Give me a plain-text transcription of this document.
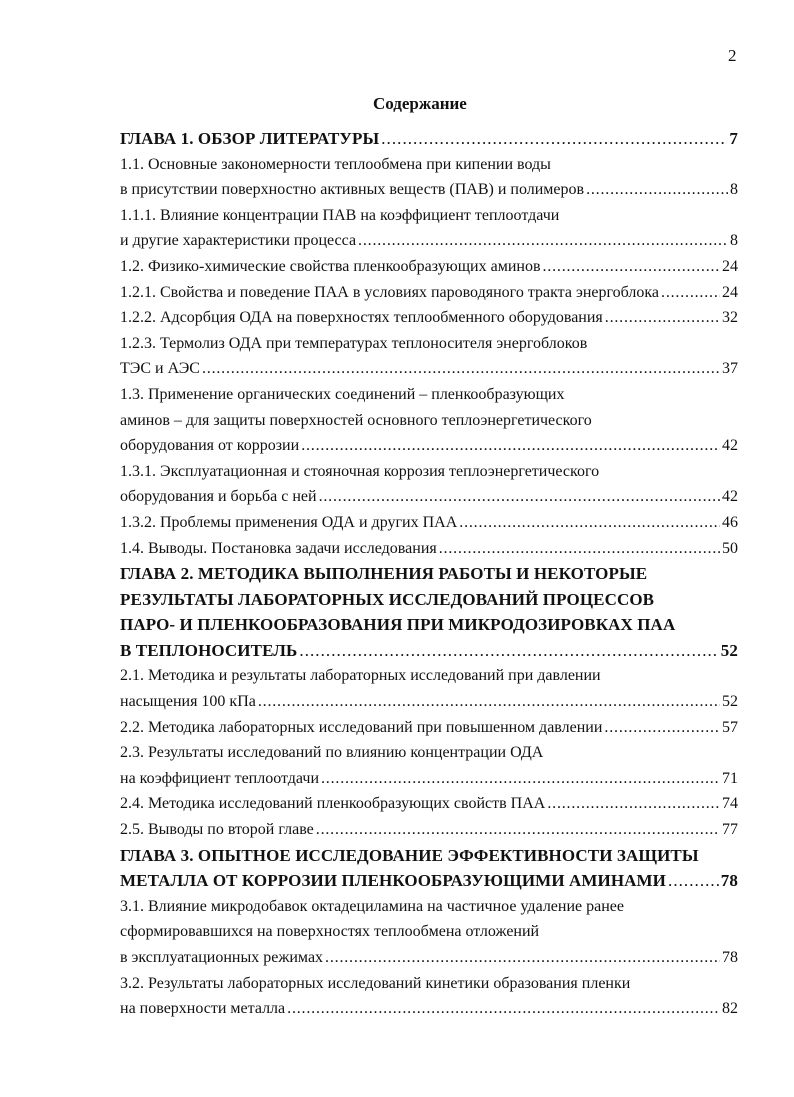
2
Содержание
ГЛАВА 1. ОБЗОР ЛИТЕРАТУРЫ . . .	7
1.1. Основные закономерности теплообмена при кипении воды
в присутствии поверхностно активных веществ (ПАВ) и полимеров . . .	8
1.1.1. Влияние концентрации ПАВ на коэффициент теплоотдачи
и другие характеристики процесса . . .	8
1.2. Физико-химические свойства пленкообразующих аминов . . .	24
1.2.1. Свойства и поведение ПАА в условиях пароводяного тракта энергоблока . . .	24
1.2.2. Адсорбция ОДА на поверхностях теплообменного оборудования . . .	32
1.2.3. Термолиз ОДА при температурах теплоносителя энергоблоков
ТЭС и АЭС . . .	37
1.3. Применение органических соединений – пленкообразующих
аминов – для защиты поверхностей основного теплоэнергетического
оборудования от коррозии . . .	42
1.3.1. Эксплуатационная и стояночная коррозия теплоэнергетического
оборудования и борьба с ней . . .	42
1.3.2. Проблемы применения ОДА и других ПАА . . .	46
1.4. Выводы. Постановка задачи исследования . . .	50
ГЛАВА 2. МЕТОДИКА ВЫПОЛНЕНИЯ РАБОТЫ И НЕКОТОРЫЕ
РЕЗУЛЬТАТЫ ЛАБОРАТОРНЫХ ИССЛЕДОВАНИЙ ПРОЦЕССОВ
ПАРО- И ПЛЕНКООБРАЗОВАНИЯ ПРИ МИКРОДОЗИРОВКАХ ПАА
В ТЕПЛОНОСИТЕЛЬ . . .	52
2.1. Методика и результаты лабораторных исследований при давлении
насыщения 100 кПа . . .	52
2.2. Методика лабораторных исследований при повышенном давлении . . .	57
2.3. Результаты исследований по влиянию концентрации ОДА
на коэффициент теплоотдачи . . .	71
2.4. Методика исследований пленкообразующих свойств ПАА . . .	74
2.5. Выводы по второй главе . . .	77
ГЛАВА 3. ОПЫТНОЕ ИССЛЕДОВАНИЕ ЭФФЕКТИВНОСТИ ЗАЩИТЫ
МЕТАЛЛА ОТ КОРРОЗИИ ПЛЕНКООБРАЗУЮЩИМИ АМИНАМИ . . .	78
3.1. Влияние микродобавок октадециламина на частичное удаление ранее
сформировавшихся на поверхностях теплообмена отложений
в эксплуатационных режимах . . .	78
3.2. Результаты лабораторных исследований кинетики образования пленки
на поверхности металла . . .	82
